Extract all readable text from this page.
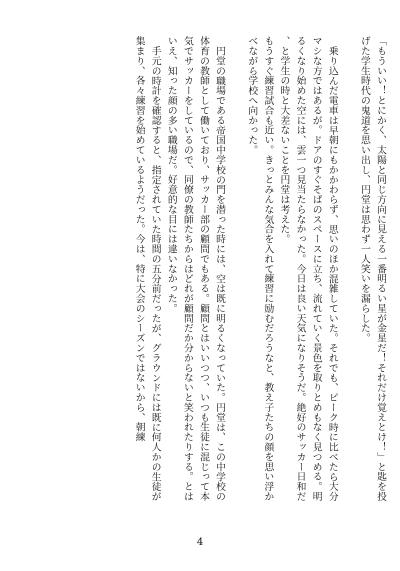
「もういい！とにかく、太陽と同じ方向に見える一番明るい星が金星だ！それだけ覚えとけ！」と匙を投げた学生時代の鬼道を思い出し、円堂は思わず一人笑いを漏らした。

乗り込んだ電車は早朝にもかかわらず、思いのほか混雑していた。それでも、ピーク時に比べたら大分マシな方ではあるが。ドアのすぐそばのスペースに立ち、流れていく景色を取りとめもなく見つめる。明るくなり始めた空には、雲一つ見当たらなかった。今日は良い天気になりそうだ。絶好のサッカー日和だ、と学生の時と大差ないことを円堂は考えた。

もうすぐ練習試合も近い。きっとみんな気合を入れて練習に励むだろうなと、教え子たちの顔を思い浮かべながら学校へ向かった。

円堂の職場である帝国中学校の門を潜った時には、空は既に明るくなっていた。円堂は、この中学校の体育の教師として働いており、サッカー部の顧問でもある。顧問とはいいつつ、いつも生徒に混じって本気でサッカーをしているので、同僚の教師たちからはどれが顧問だか分からないと笑われたりする。とはいえ、知った顔の多い職場だ。好意的な目には違いなかった。

手元の時計を確認すると、指定されていた時間の五分前だったが、グラウンドには既に何人かの生徒が集まり、各々練習を始めているようだった。今は、特に大会のシーズンではないから、朝練

4
